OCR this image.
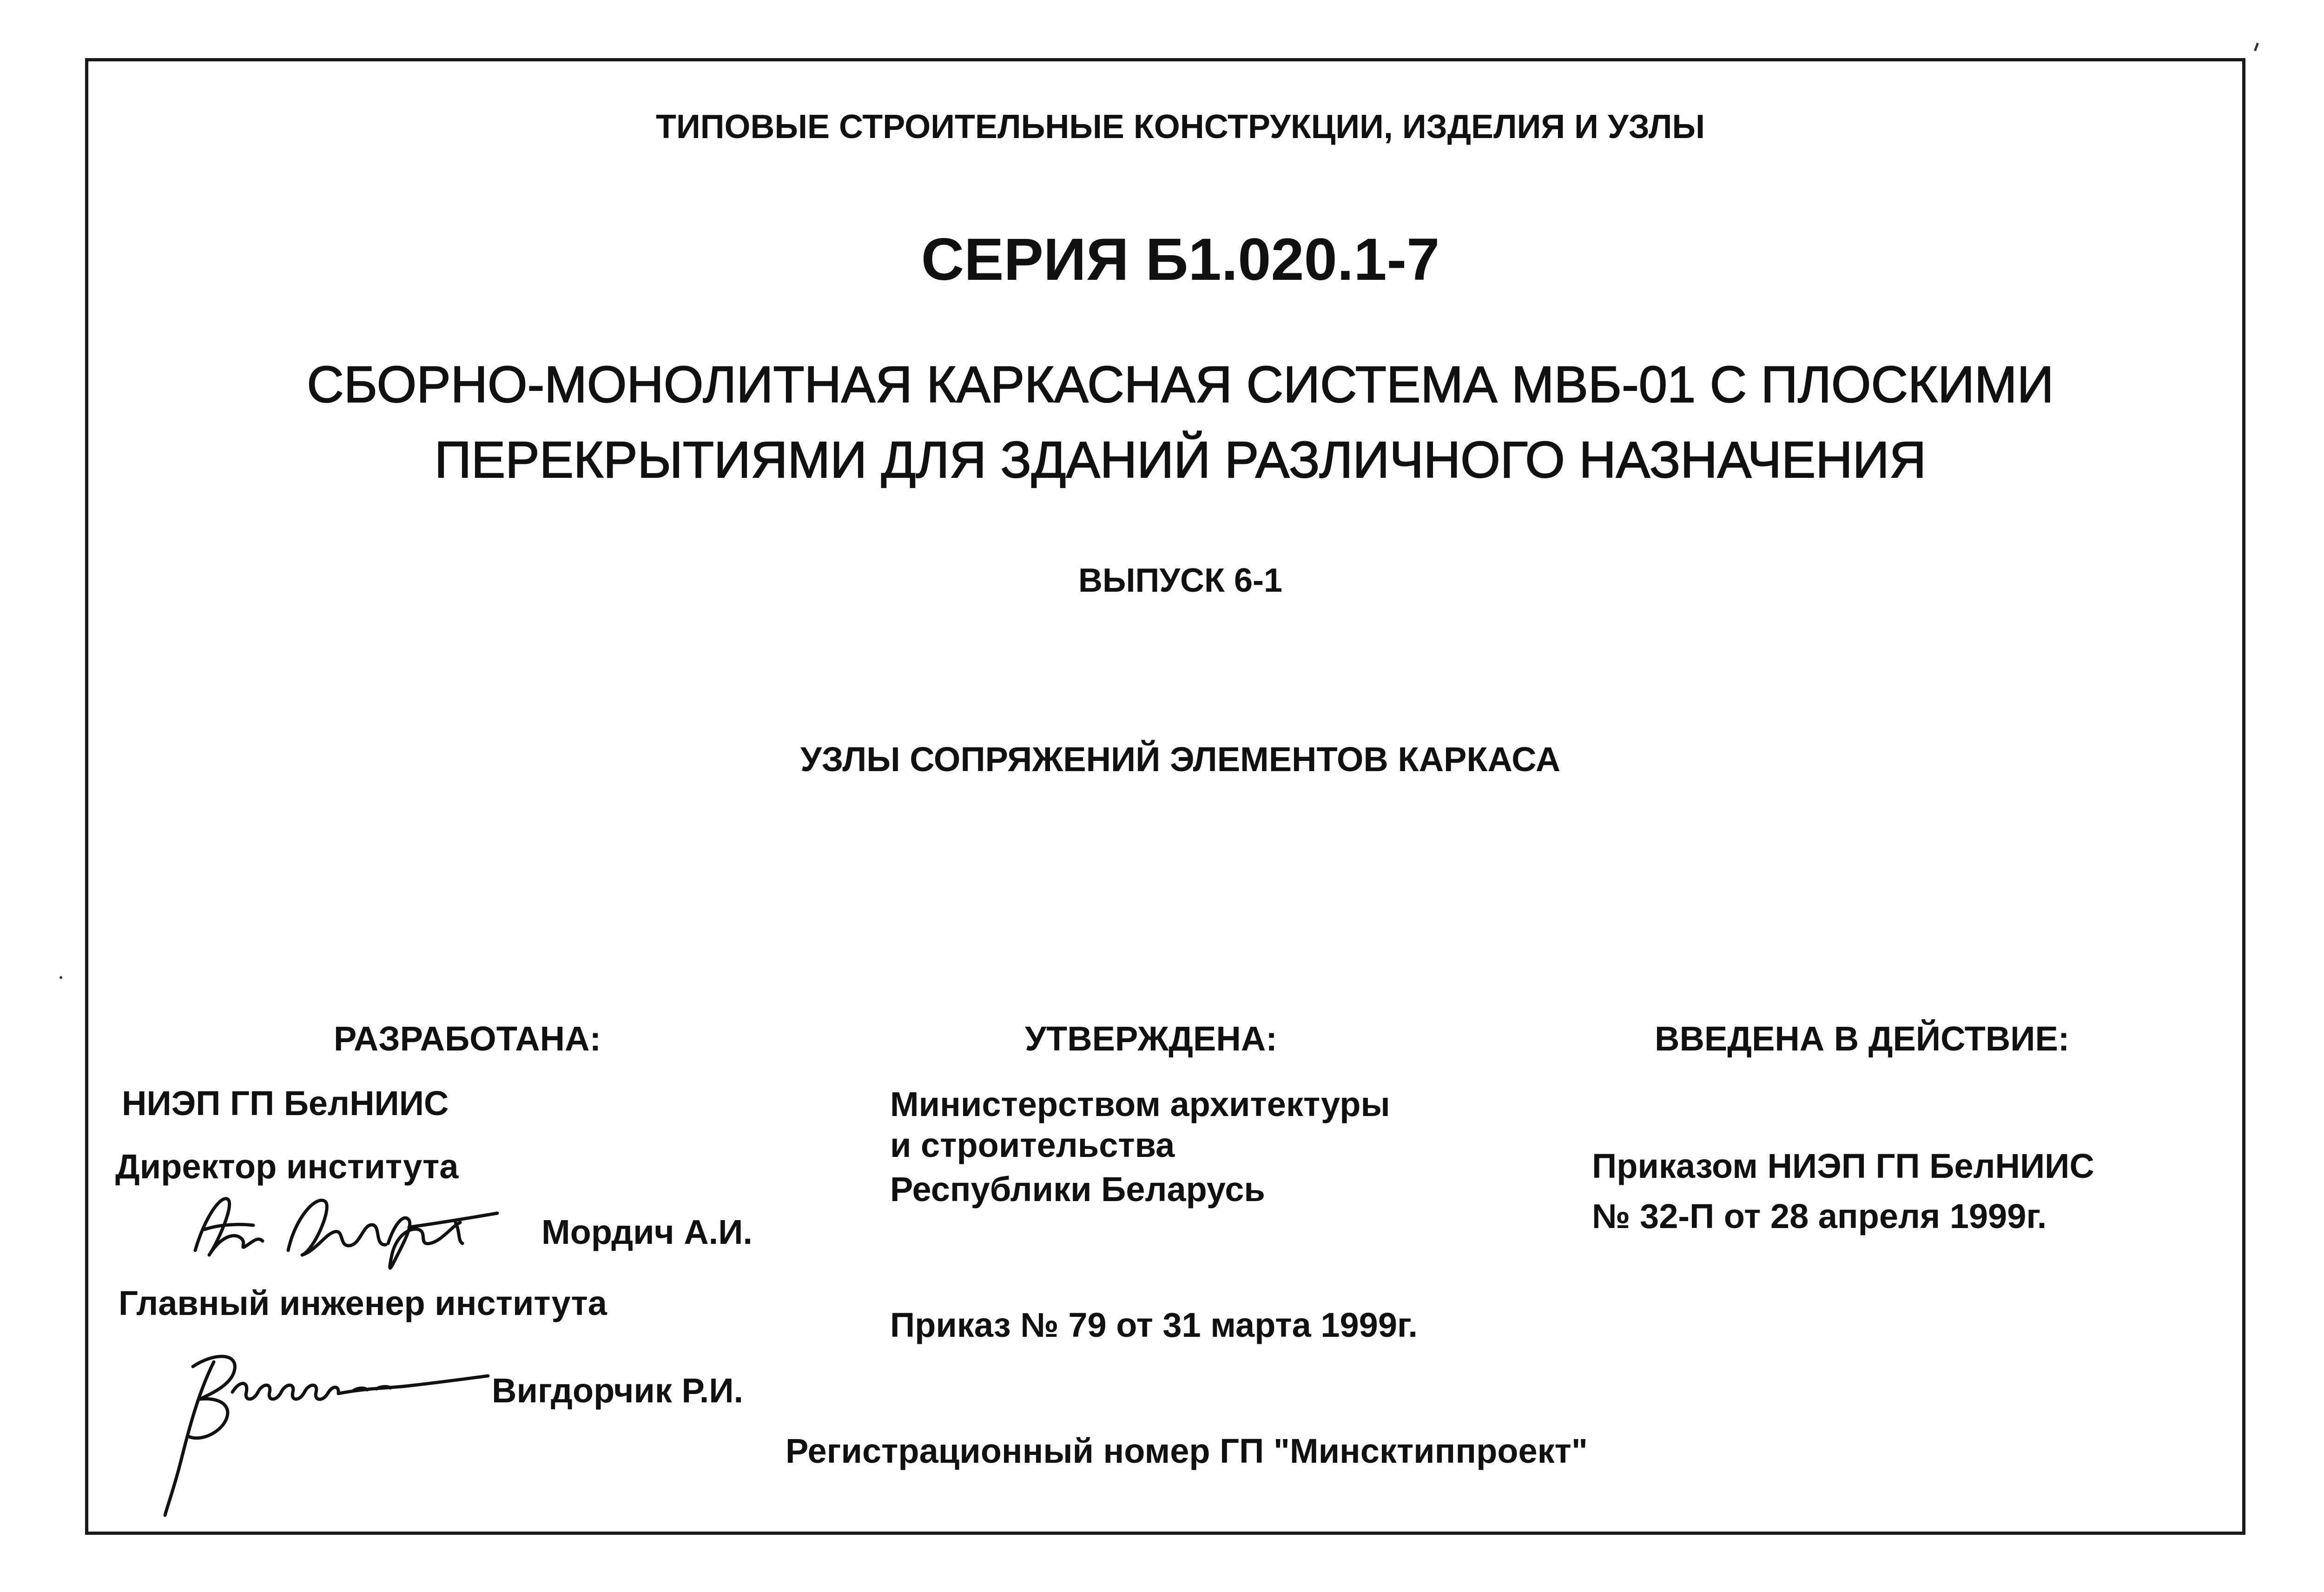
ТИПОВЫЕ СТРОИТЕЛЬНЫЕ КОНСТРУКЦИИ, ИЗДЕЛИЯ И УЗЛЫ
СЕРИЯ Б1.020.1-7
СБОРНО-МОНОЛИТНАЯ КАРКАСНАЯ СИСТЕМА МВБ-01 С ПЛОСКИМИ
ПЕРЕКРЫТИЯМИ ДЛЯ ЗДАНИЙ РАЗЛИЧНОГО НАЗНАЧЕНИЯ
ВЫПУСК 6-1
УЗЛЫ СОПРЯЖЕНИЙ ЭЛЕМЕНТОВ КАРКАСА
РАЗРАБОТАНА:
НИЭП ГП БелНИИС
Директор института
Мордич А.И.
Главный инженер института
Вигдорчик Р.И.
УТВЕРЖДЕНА:
Министерством архитектуры
и строительства
Республики Беларусь
Приказ № 79 от 31 марта 1999г.
ВВЕДЕНА В ДЕЙСТВИЕ:
Приказом НИЭП ГП БелНИИС
№ 32-П от 28 апреля 1999г.
Регистрационный номер ГП "Минсктиппроект"
